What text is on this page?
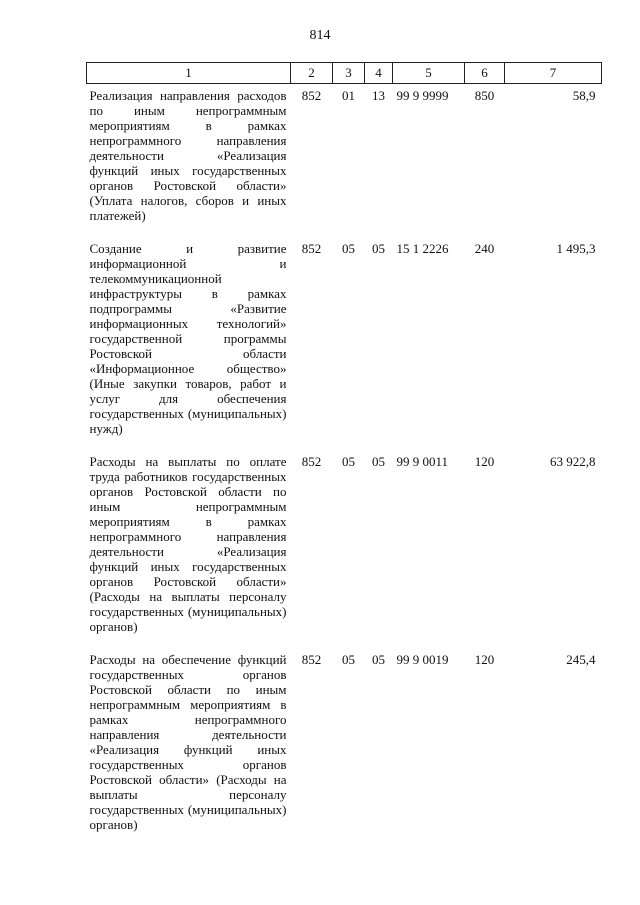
814
1	2	3	4	5	6	7
Реализация направления расходов по иным непрограммным мероприятиям в рамках непрограммного направления деятельности «Реализация функций иных государственных органов Ростовской области» (Уплата налогов, сборов и иных платежей)	852	01	13	99 9 9999	850	58,9
Создание и развитие информационной и телекоммуникационной инфраструктуры в рамках подпрограммы «Развитие информационных технологий» государственной программы Ростовской области «Информационное общество» (Иные закупки товаров, работ и услуг для обеспечения государственных (муниципальных) нужд)	852	05	05	15 1 2226	240	1 495,3
Расходы на выплаты по оплате труда работников государственных органов Ростовской области по иным непрограммным мероприятиям в рамках непрограммного направления деятельности «Реализация функций иных государственных органов Ростовской области» (Расходы на выплаты персоналу государственных (муниципальных) органов)	852	05	05	99 9 0011	120	63 922,8
Расходы на обеспечение функций государственных органов Ростовской области по иным непрограммным мероприятиям в рамках непрограммного направления деятельности «Реализация функций иных государственных органов Ростовской области» (Расходы на выплаты персоналу государственных (муниципальных) органов)	852	05	05	99 9 0019	120	245,4
